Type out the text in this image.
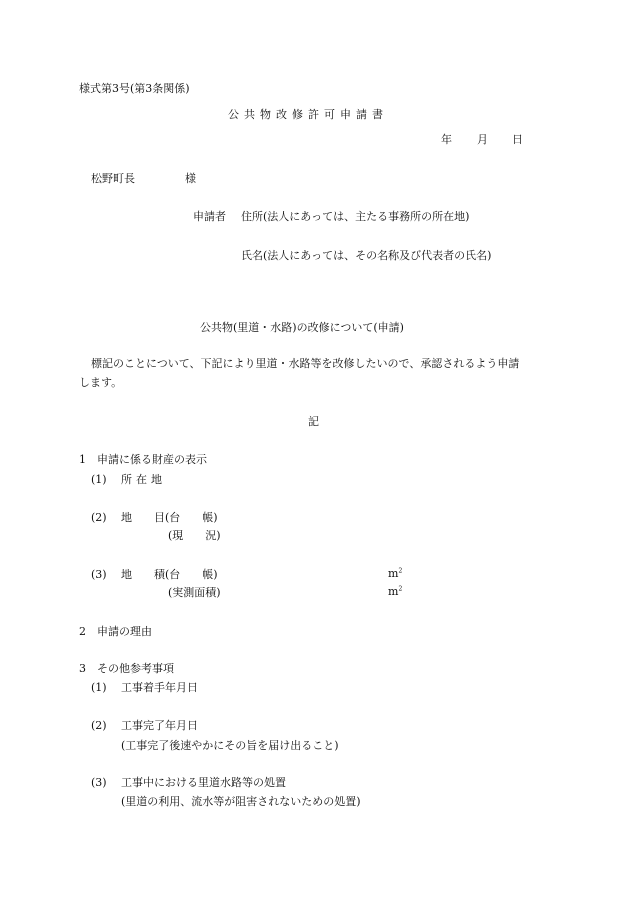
様式第3号(第3条関係)
公共物改修許可申請書
年 月 日
松野町長	様
申請者 住所(法人にあっては、主たる事務所の所在地)
氏名(法人にあっては、その名称及び代表者の氏名)
公共物(里道・水路)の改修について(申請)
標記のことについて、下記により里道・水路等を改修したいので、承認されるよう申請
します。
記
1　申請に係る財産の表示
(1) 所在地
(2) 地　　目(台　　帳)
(現　　況)
(3) 地　　積(台　　帳)	$m^2$
(実測面積)	$m^2$
2　申請の理由
3　その他参考事項
(1) 工事着手年月日
(2) 工事完了年月日
(工事完了後速やかにその旨を届け出ること)
(3) 工事中における里道水路等の処置
(里道の利用、流水等が阻害されないための処置)
